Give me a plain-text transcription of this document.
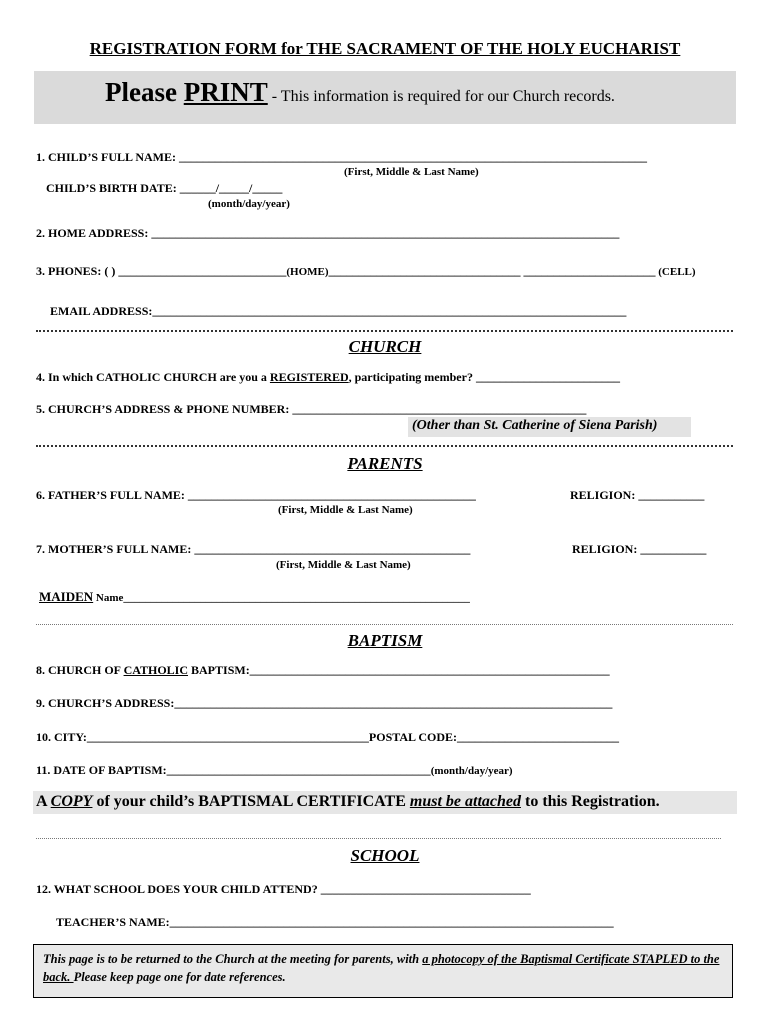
REGISTRATION FORM for THE SACRAMENT OF THE HOLY EUCHARIST
Please PRINT - This information is required for our Church records.
1. CHILD’S FULL NAME: ______________________________________________________________________________
(First, Middle & Last Name)
CHILD’S BIRTH DATE: ______/_____/_____
(month/day/year)
2. HOME ADDRESS: ______________________________________________________________________________
3. PHONES: ( ) ____________________________(HOME)________________________________ ______________________ (CELL)
EMAIL ADDRESS:_______________________________________________________________________________
CHURCH
4. In which CATHOLIC CHURCH are you a REGISTERED, participating member? ________________________
5. CHURCH’S ADDRESS & PHONE NUMBER: _________________________________________________
(Other than St. Catherine of Siena Parish)
PARENTS
6. FATHER’S FULL NAME: ________________________________________________	RELIGION: ___________
(First, Middle & Last Name)
7. MOTHER’S FULL NAME: ______________________________________________	RELIGION: ___________
(First, Middle & Last Name)
MAIDEN Name_______________________________________________________________
BAPTISM
8. CHURCH OF CATHOLIC BAPTISM:____________________________________________________________
9. CHURCH’S ADDRESS:_________________________________________________________________________
10. CITY:_______________________________________________POSTAL CODE:___________________________
11. DATE OF BAPTISM:____________________________________________(month/day/year)
A COPY of your child’s BAPTISMAL CERTIFICATE must be attached to this Registration.
SCHOOL
12. WHAT SCHOOL DOES YOUR CHILD ATTEND? ___________________________________
TEACHER’S NAME:__________________________________________________________________________
This page is to be returned to the Church at the meeting for parents, with a photocopy of the Baptismal Certificate STAPLED to the back. Please keep page one for date references.
